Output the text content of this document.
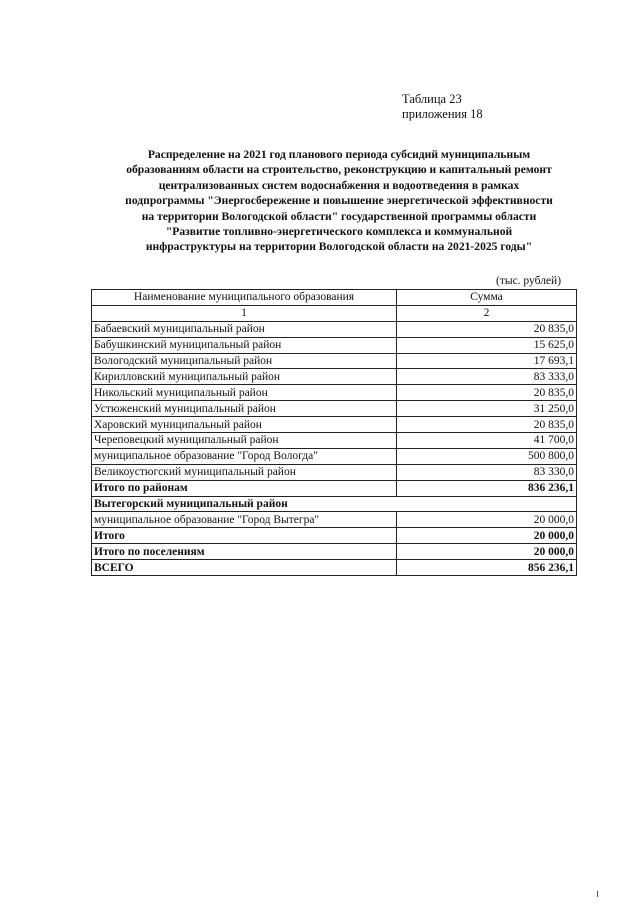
Таблица 23
приложения 18
Распределение на 2021 год планового периода субсидий муниципальным
образованиям области на строительство, реконструкцию и капитальный ремонт
централизованных систем водоснабжения и водоотведения в рамках
подпрограммы "Энергосбережение и повышение энергетической эффективности
на территории Вологодской области" государственной программы области
"Развитие топливно-энергетического комплекса и коммунальной
инфраструктуры на территории Вологодской области на 2021-2025 годы"
(тыс. рублей)
Наименование муниципального образования	Сумма
1	2
Бабаевский муниципальный район	20 835,0
Бабушкинский муниципальный район	15 625,0
Вологодский муниципальный район	17 693,1
Кирилловский муниципальный район	83 333,0
Никольский муниципальный район	20 835,0
Устюженский муниципальный район	31 250,0
Харовский муниципальный район	20 835,0
Череповецкий муниципальный район	41 700,0
муниципальное образование "Город Вологда"	500 800,0
Великоустюгский муниципальный район	83 330,0
Итого по районам	836 236,1
Вытегорский муниципальный район	
муниципальное образование "Город Вытегра"	20 000,0
Итого	20 000,0
Итого по поселениям	20 000,0
ВСЕГО	856 236,1
